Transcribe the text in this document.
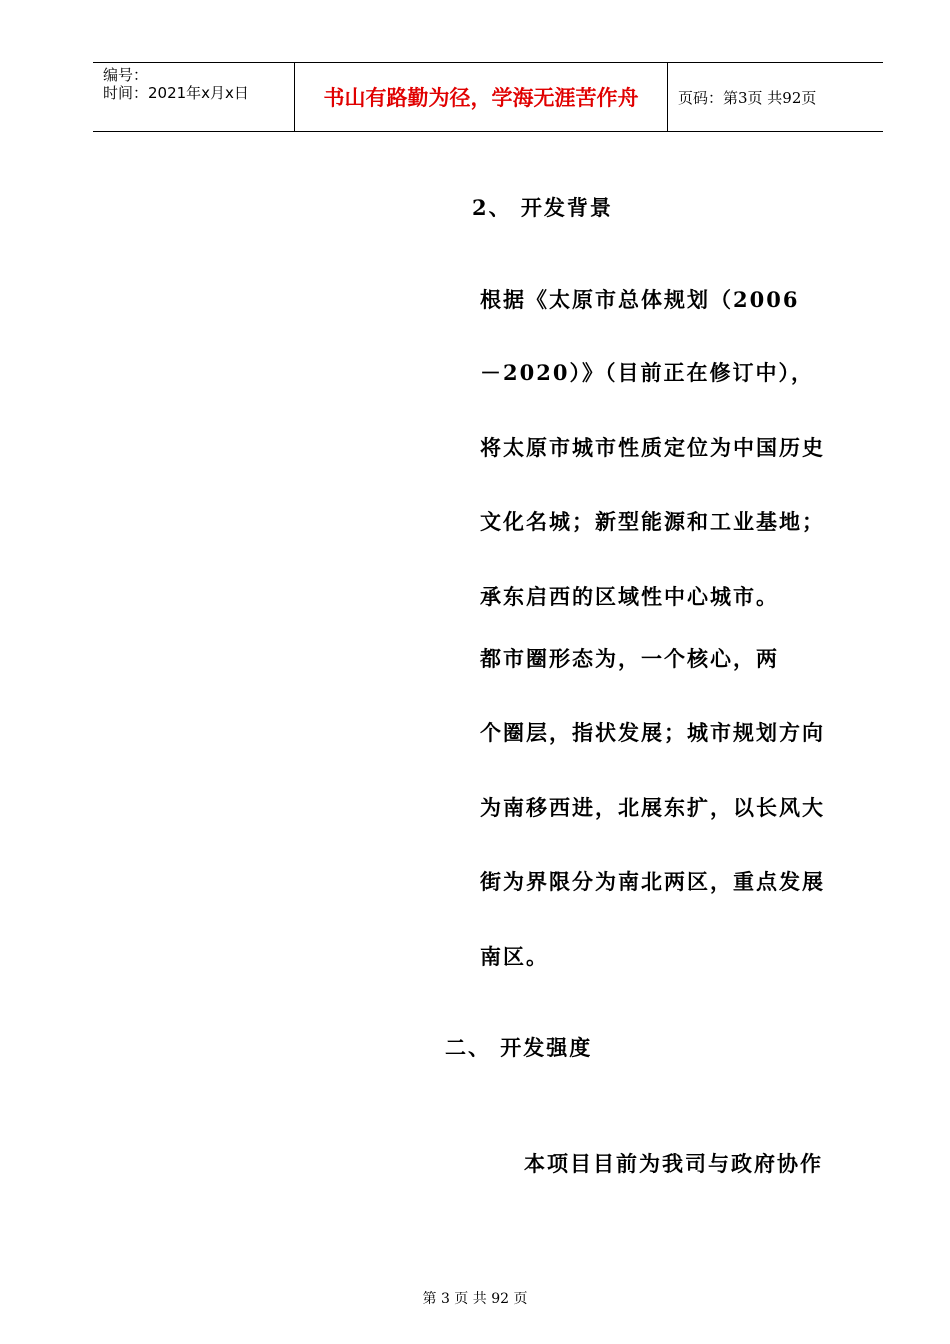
编号：
时间：2021年x月x日	书山有路勤为径，学海无涯苦作舟	页码：第3页 共92页
2、 开发背景
根据《太原市总体规划（2006
－2020）》（目前正在修订中），
将太原市城市性质定位为中国历史
文化名城；新型能源和工业基地；
承东启西的区域性中心城市。
都市圈形态为，一个核心，两
个圈层，指状发展；城市规划方向
为南移西进，北展东扩，以长风大
街为界限分为南北两区，重点发展
南区。
二、 开发强度
本项目目前为我司与政府协作
第 3 页 共 92 页
